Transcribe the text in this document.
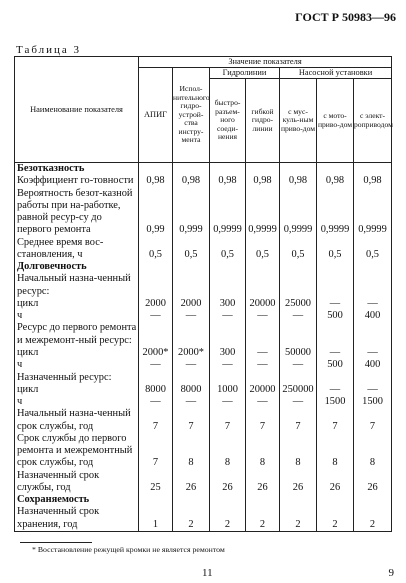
ГОСТ Р 50983—96
Таблица 3
Наименование показателя	Значение показателя						
	АПИГ	Испол-нительного гидро-устрой-ства инстру-мента	Гидролинии		Насосной установки		
			быстро-разъем-ного соеди-нения	гибкой гидро-линии	с мус-куль-ным приво-дом	с мото-приво-дом	с элект-роприводом
Безотказность							
Коэффициент го-товности	0,98	0,98	0,98	0,98	0,98	0,98	0,98
Вероятность безот-казной работы при на-работке, равной ресур-су до первого ремонта	0,99	0,999	0,9999	0,9999	0,9999	0,9999	0,9999
Среднее время вос-становления, ч	0,5	0,5	0,5	0,5	0,5	0,5	0,5
Долговечность							
Начальный назна-ченный ресурс:							
цикл	2000	2000	300	20000	25000	—	—
ч	—	—	—	—	—	500	400
Ресурс до первого ремонта и межремонт-ный ресурс:							
цикл	2000*	2000*	300	—	50000	—	—
ч	—	—	—	—	—	500	400
Назначенный ресурс:							
цикл	8000	8000	1000	20000	250000	—	—
ч	—	—	—	—	—	1500	1500
Начальный назна-ченный срок службы, год	7	7	7	7	7	7	7
Срок службы до первого ремонта и межремонтный срок службы, год	7	8	8	8	8	8	8
Назначенный срок службы, год	25	26	26	26	26	26	26
Сохраняемость							
Назначенный срок хранения, год	1	2	2	2	2	2	2
* Восстановление режущей кромки не является ремонтом
11	9
